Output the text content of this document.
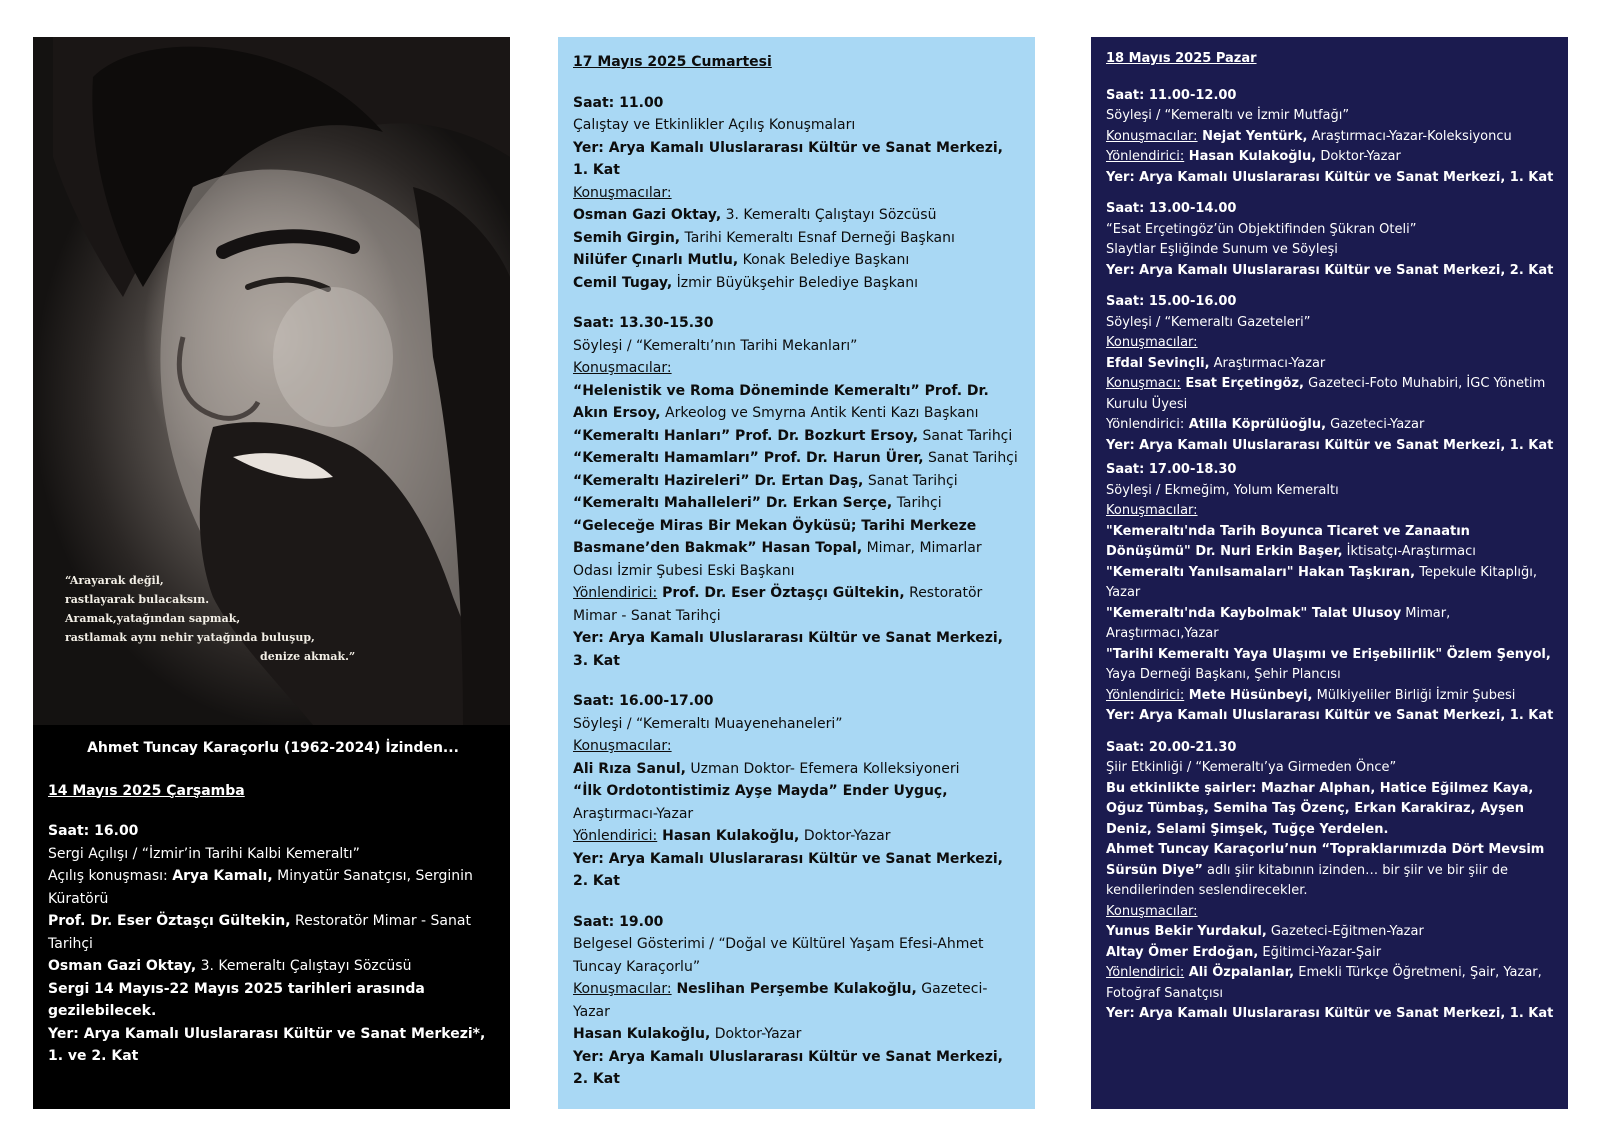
“Arayarak değil,
rastlayarak bulacaksın.
Aramak,yatağından sapmak,
rastlamak aynı nehir yatağında buluşup,
denize akmak.”

Ahmet Tuncay Karaçorlu (1962-2024) İzinden...

14 Mayıs 2025 Çarşamba

Saat: 16.00

Sergi Açılışı / “İzmir’in Tarihi Kalbi Kemeraltı”

Açılış konuşması: Arya Kamalı, Minyatür Sanatçısı, Serginin Küratörü

Prof. Dr. Eser Öztaşçı Gültekin, Restoratör Mimar - Sanat Tarihçi

Osman Gazi Oktay, 3. Kemeraltı Çalıştayı Sözcüsü

Sergi 14 Mayıs-22 Mayıs 2025 tarihleri arasında gezilebilecek.

Yer: Arya Kamalı Uluslararası Kültür ve Sanat Merkezi*, 1. ve 2. Kat

17 Mayıs 2025 Cumartesi

Saat: 11.00

Çalıştay ve Etkinlikler Açılış Konuşmaları

Yer: Arya Kamalı Uluslararası Kültür ve Sanat Merkezi, 1. Kat

Konuşmacılar:

Osman Gazi Oktay, 3. Kemeraltı Çalıştayı Sözcüsü

Semih Girgin, Tarihi Kemeraltı Esnaf Derneği Başkanı

Nilüfer Çınarlı Mutlu, Konak Belediye Başkanı

Cemil Tugay, İzmir Büyükşehir Belediye Başkanı

Saat: 13.30-15.30

Söyleşi / “Kemeraltı’nın Tarihi Mekanları”

Konuşmacılar:

“Helenistik ve Roma Döneminde Kemeraltı” Prof. Dr. Akın Ersoy, Arkeolog ve Smyrna Antik Kenti Kazı Başkanı

“Kemeraltı Hanları” Prof. Dr. Bozkurt Ersoy, Sanat Tarihçi

“Kemeraltı Hamamları” Prof. Dr. Harun Ürer, Sanat Tarihçi

“Kemeraltı Hazireleri” Dr. Ertan Daş, Sanat Tarihçi

“Kemeraltı Mahalleleri” Dr. Erkan Serçe, Tarihçi

“Geleceğe Miras Bir Mekan Öyküsü; Tarihi Merkeze Basmane’den Bakmak” Hasan Topal, Mimar, Mimarlar Odası İzmir Şubesi Eski Başkanı

Yönlendirici: Prof. Dr. Eser Öztaşçı Gültekin, Restoratör Mimar - Sanat Tarihçi

Yer: Arya Kamalı Uluslararası Kültür ve Sanat Merkezi, 3. Kat

Saat: 16.00-17.00

Söyleşi / “Kemeraltı Muayenehaneleri”

Konuşmacılar:

Ali Rıza Sanul, Uzman Doktor- Efemera Kolleksiyoneri

“İlk Ordotontistimiz Ayşe Mayda” Ender Uyguç, Araştırmacı-Yazar

Yönlendirici: Hasan Kulakoğlu, Doktor-Yazar

Yer: Arya Kamalı Uluslararası Kültür ve Sanat Merkezi, 2. Kat

Saat: 19.00

Belgesel Gösterimi / “Doğal ve Kültürel Yaşam Efesi-Ahmet Tuncay Karaçorlu”

Konuşmacılar: Neslihan Perşembe Kulakoğlu, Gazeteci-Yazar

Hasan Kulakoğlu, Doktor-Yazar

Yer: Arya Kamalı Uluslararası Kültür ve Sanat Merkezi, 2. Kat

18 Mayıs 2025 Pazar

Saat: 11.00-12.00

Söyleşi / “Kemeraltı ve İzmir Mutfağı”

Konuşmacılar: Nejat Yentürk, Araştırmacı-Yazar-Koleksiyoncu

Yönlendirici: Hasan Kulakoğlu, Doktor-Yazar

Yer: Arya Kamalı Uluslararası Kültür ve Sanat Merkezi, 1. Kat

Saat: 13.00-14.00

“Esat Erçetingöz’ün Objektifinden Şükran Oteli”

Slaytlar Eşliğinde Sunum ve Söyleşi

Yer: Arya Kamalı Uluslararası Kültür ve Sanat Merkezi, 2. Kat

Saat: 15.00-16.00

Söyleşi / “Kemeraltı Gazeteleri”

Konuşmacılar:

Efdal Sevinçli, Araştırmacı-Yazar

Konuşmacı: Esat Erçetingöz, Gazeteci-Foto Muhabiri, İGC Yönetim Kurulu Üyesi

Yönlendirici: Atilla Köprülüoğlu, Gazeteci-Yazar

Yer: Arya Kamalı Uluslararası Kültür ve Sanat Merkezi, 1. Kat

Saat: 17.00-18.30

Söyleşi / Ekmeğim, Yolum Kemeraltı

Konuşmacılar:

"Kemeraltı'nda Tarih Boyunca Ticaret ve Zanaatın Dönüşümü" Dr. Nuri Erkin Başer, İktisatçı-Araştırmacı

"Kemeraltı Yanılsamaları" Hakan Taşkıran, Tepekule Kitaplığı, Yazar

"Kemeraltı'nda Kaybolmak" Talat Ulusoy Mimar, Araştırmacı,Yazar

"Tarihi Kemeraltı Yaya Ulaşımı ve Erişebilirlik" Özlem Şenyol, Yaya Derneği Başkanı, Şehir Plancısı

Yönlendirici: Mete Hüsünbeyi, Mülkiyeliler Birliği İzmir Şubesi

Yer: Arya Kamalı Uluslararası Kültür ve Sanat Merkezi, 1. Kat

Saat: 20.00-21.30

Şiir Etkinliği / “Kemeraltı’ya Girmeden Önce”

Bu etkinlikte şairler: Mazhar Alphan, Hatice Eğilmez Kaya, Oğuz Tümbaş, Semiha Taş Özenç, Erkan Karakiraz, Ayşen Deniz, Selami Şimşek, Tuğçe Yerdelen.

Ahmet Tuncay Karaçorlu’nun “Topraklarımızda Dört Mevsim Sürsün Diye” adlı şiir kitabının izinden… bir şiir ve bir şiir de kendilerinden seslendirecekler.

Konuşmacılar:

Yunus Bekir Yurdakul, Gazeteci-Eğitmen-Yazar

Altay Ömer Erdoğan, Eğitimci-Yazar-Şair

Yönlendirici: Ali Özpalanlar, Emekli Türkçe Öğretmeni, Şair, Yazar, Fotoğraf Sanatçısı

Yer: Arya Kamalı Uluslararası Kültür ve Sanat Merkezi, 1. Kat
